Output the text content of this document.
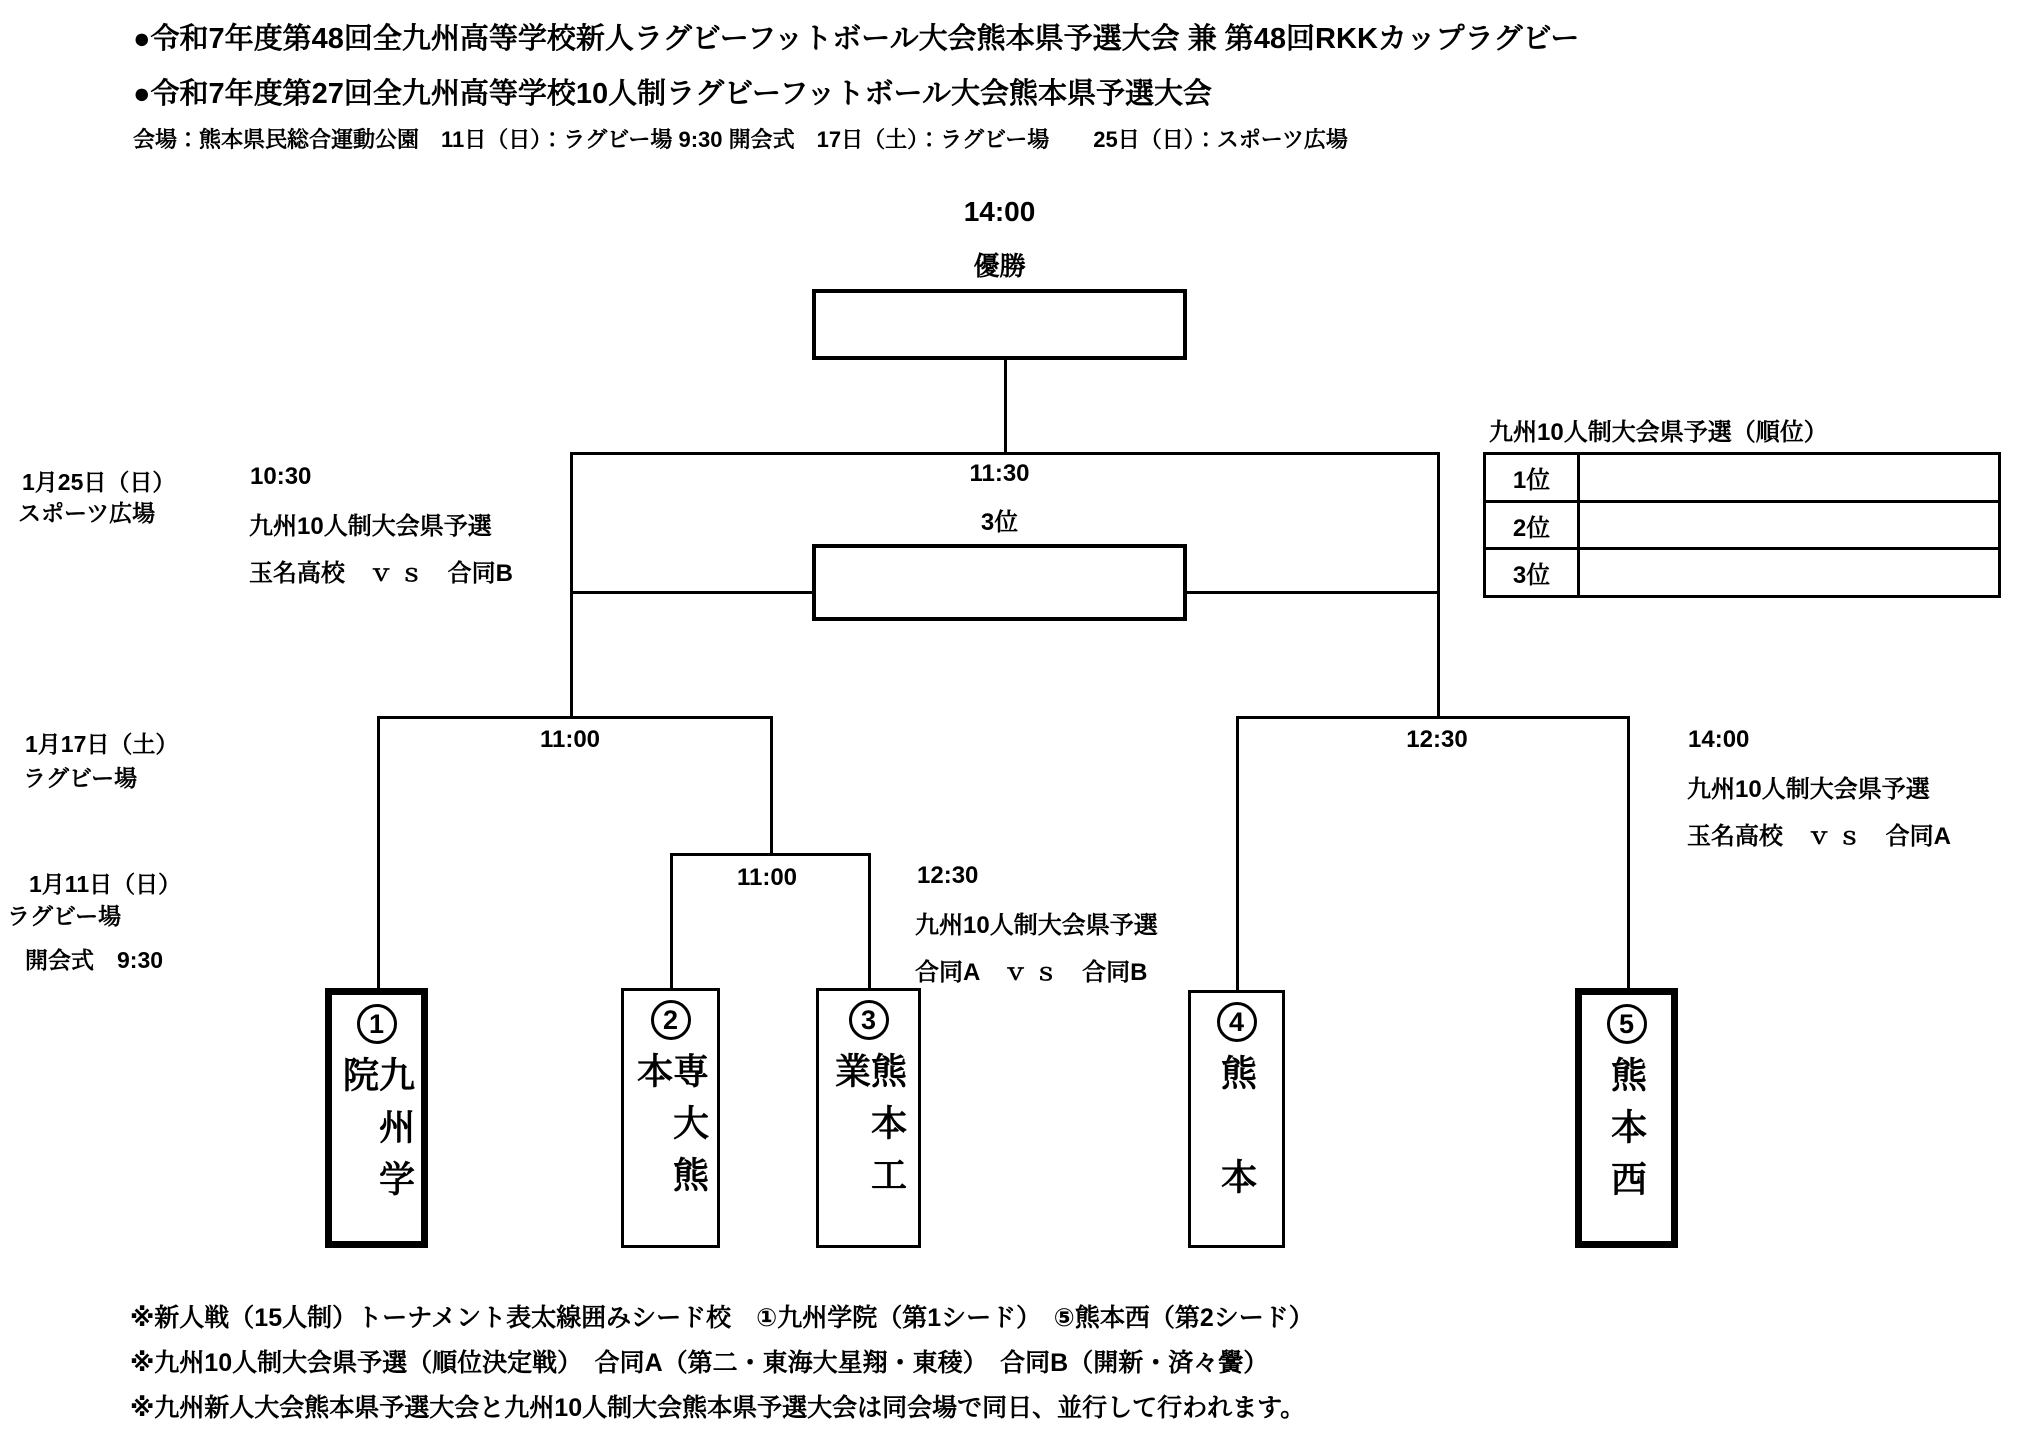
●令和7年度第48回全九州高等学校新人ラグビーフットボール大会熊本県予選大会 兼 第48回RKKカップラグビー
●令和7年度第27回全九州高等学校10人制ラグビーフットボール大会熊本県予選大会
会場：熊本県民総合運動公園　11日（日）：ラグビー場 9:30 開会式　17日（土）：ラグビー場　　25日（日）：スポーツ広場
14:00
優勝
11:30
3位
11:00
11:00
12:30
1月25日（日）
スポーツ広場
1月17日（土）
ラグビー場
1月11日（日）
ラグビー場
開会式　9:30
10:30
九州10人制大会県予選
玉名高校　ｖ ｓ　合同B
12:30
九州10人制大会県予選
合同A　ｖ ｓ　合同B
14:00
九州10人制大会県予選
玉名高校　ｖ ｓ　合同A
九州10人制大会県予選（順位）
1位
2位
3位
1
九州学院
2
専大熊本
3
熊本工業
4
熊　本
5
熊本西
※新人戦（15人制）トーナメント表太線囲みシード校　①九州学院（第1シード）　⑤熊本西（第2シード）
※九州10人制大会県予選（順位決定戦）　合同A（第二・東海大星翔・東稜）　合同B（開新・済々黌）
※九州新人大会熊本県予選大会と九州10人制大会熊本県予選大会は同会場で同日、並行して行われます。
